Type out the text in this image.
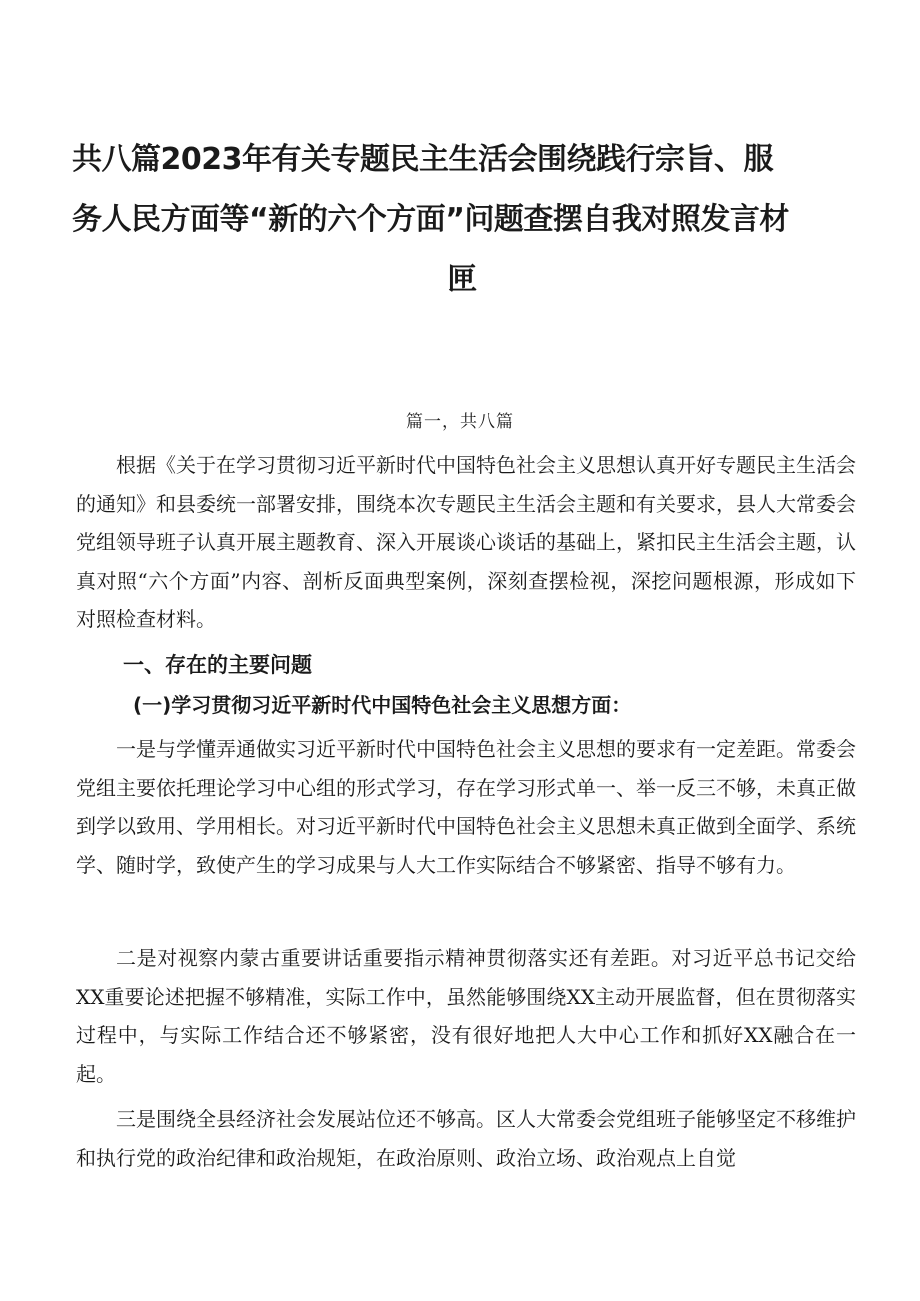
共八篇2023年有关专题民主生活会围绕践行宗旨、服
务人民方面等“新的六个方面”问题查摆自我对照发言材
匣
篇一，共八篇

根据《关于在学习贯彻习近平新时代中国特色社会主义思想认真开好专题民主生活会的通知》和县委统一部署安排，围绕本次专题民主生活会主题和有关要求，县人大常委会党组领导班子认真开展主题教育、深入开展谈心谈话的基础上，紧扣民主生活会主题，认真对照“六个方面”内容、剖析反面典型案例，深刻查摆检视，深挖问题根源，形成如下对照检查材料。

一、存在的主要问题
(一)学习贯彻习近平新时代中国特色社会主义思想方面：

一是与学懂弄通做实习近平新时代中国特色社会主义思想的要求有一定差距。常委会党组主要依托理论学习中心组的形式学习，存在学习形式单一、举一反三不够，未真正做到学以致用、学用相长。对习近平新时代中国特色社会主义思想未真正做到全面学、系统学、随时学，致使产生的学习成果与人大工作实际结合不够紧密、指导不够有力。

二是对视察内蒙古重要讲话重要指示精神贯彻落实还有差距。对习近平总书记交给XX重要论述把握不够精准，实际工作中，虽然能够围绕XX主动开展监督，但在贯彻落实过程中，与实际工作结合还不够紧密，没有很好地把人大中心工作和抓好XX融合在一起。

三是围绕全县经济社会发展站位还不够高。区人大常委会党组班子能够坚定不移维护和执行党的政治纪律和政治规矩，在政治原则、政治立场、政治观点上自觉
